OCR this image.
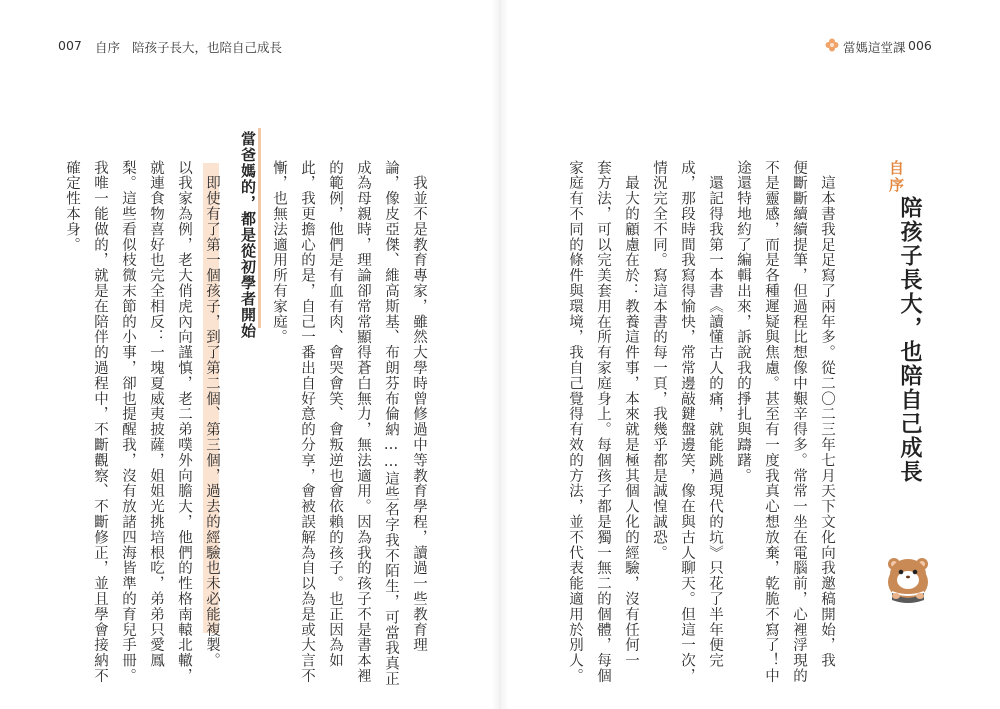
007 自序 陪孩子長大，也陪自己成長	當媽這堂課 006
自序
陪孩子長大，也陪自己成長
　這本書我足足寫了兩年多。從二〇二三年七月天下文化向我邀稿開始，我
便斷斷續續提筆，但過程比想像中艱辛得多。常常一坐在電腦前，心裡浮現的
不是靈感，而是各種遲疑與焦慮。甚至有一度我真心想放棄，乾脆不寫了！中
途還特地約了編輯出來，訴說我的掙扎與躊躇。
　還記得我第一本書《讀懂古人的痛，就能跳過現代的坑》只花了半年便完
成，那段時間我寫得愉快，常常邊敲鍵盤邊笑，像在與古人聊天。但這一次，
情況完全不同。寫這本書的每一頁，我幾乎都是誠惶誠恐。
　最大的顧慮在於：教養這件事，本來就是極其個人化的經驗，沒有任何一
套方法，可以完美套用在所有家庭身上。每個孩子都是獨一無二的個體，每個
家庭有不同的條件與環境，我自己覺得有效的方法，並不代表能適用於別人。
　我並不是教育專家，雖然大學時曾修過中等教育學程，讀過一些教育理
論，像皮亞傑、維高斯基、布朗芬布倫納……這些名字我不陌生，可當我真正
成為母親時，理論卻常常顯得蒼白無力，無法適用。因為我的孩子不是書本裡
的範例，他們是有血有肉、會哭會笑、會叛逆也會依賴的孩子。也正因為如
此，我更擔心的是，自己一番出自好意的分享，會被誤解為自以為是或大言不
慚，也無法適用所有家庭。
當爸媽的，都是從初學者開始
　即使有了第一個孩子，到了第二個、第三個，過去的經驗也未必能複製。
以我家為例，老大俏虎內向謹慎，老二弟噗外向膽大，他們的性格南轅北轍，
就連食物喜好也完全相反：一塊夏威夷披薩，姐姐光挑培根吃，弟弟只愛鳳
梨。這些看似枝微末節的小事，卻也提醒我，沒有放諸四海皆準的育兒手冊。
我唯一能做的，就是在陪伴的過程中，不斷觀察、不斷修正，並且學會接納不
確定性本身。
